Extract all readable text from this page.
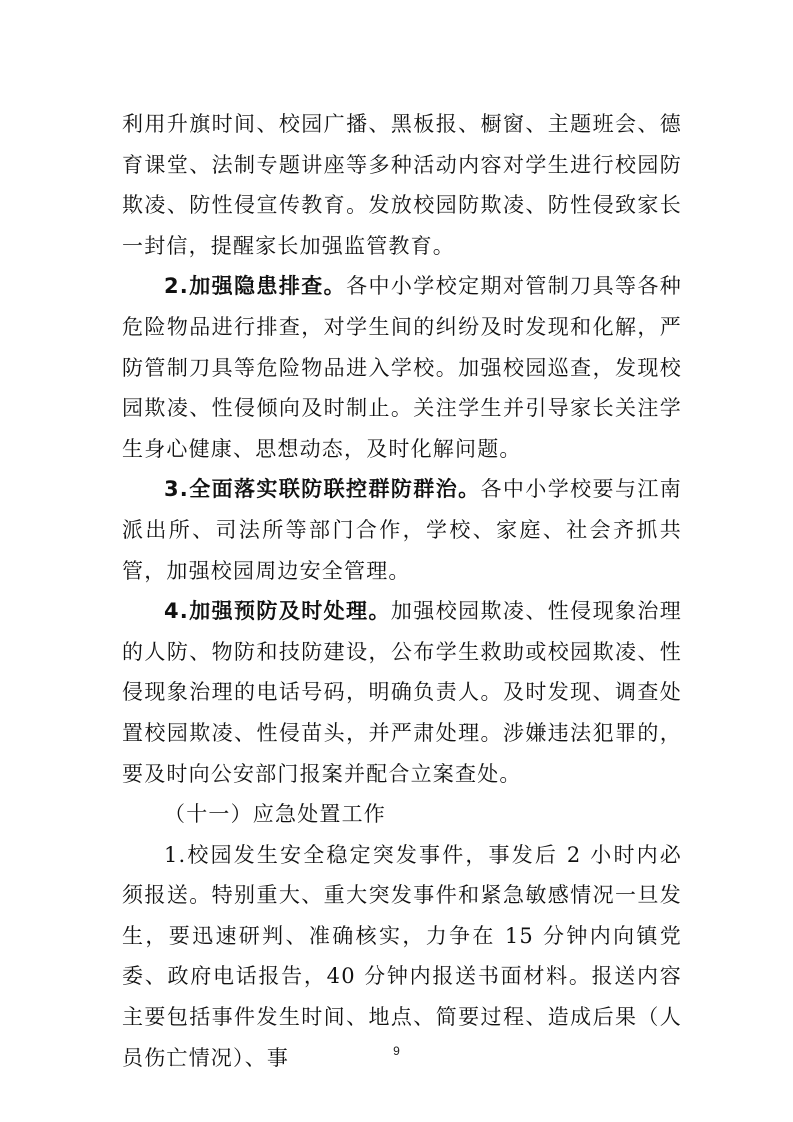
利用升旗时间、校园广播、黑板报、橱窗、主题班会、德育课堂、法制专题讲座等多种活动内容对学生进行校园防欺凌、防性侵宣传教育。发放校园防欺凌、防性侵致家长一封信，提醒家长加强监管教育。

2.加强隐患排查。各中小学校定期对管制刀具等各种危险物品进行排查，对学生间的纠纷及时发现和化解，严防管制刀具等危险物品进入学校。加强校园巡查，发现校园欺凌、性侵倾向及时制止。关注学生并引导家长关注学生身心健康、思想动态，及时化解问题。

3.全面落实联防联控群防群治。各中小学校要与江南派出所、司法所等部门合作，学校、家庭、社会齐抓共管，加强校园周边安全管理。

4.加强预防及时处理。加强校园欺凌、性侵现象治理的人防、物防和技防建设，公布学生救助或校园欺凌、性侵现象治理的电话号码，明确负责人。及时发现、调查处置校园欺凌、性侵苗头，并严肃处理。涉嫌违法犯罪的，要及时向公安部门报案并配合立案查处。

（十一）应急处置工作

1.校园发生安全稳定突发事件，事发后 2 小时内必须报送。特别重大、重大突发事件和紧急敏感情况一旦发生，要迅速研判、准确核实，力争在 15 分钟内向镇党委、政府电话报告，40 分钟内报送书面材料。报送内容主要包括事件发生时间、地点、简要过程、造成后果（人员伤亡情况）、事	9
